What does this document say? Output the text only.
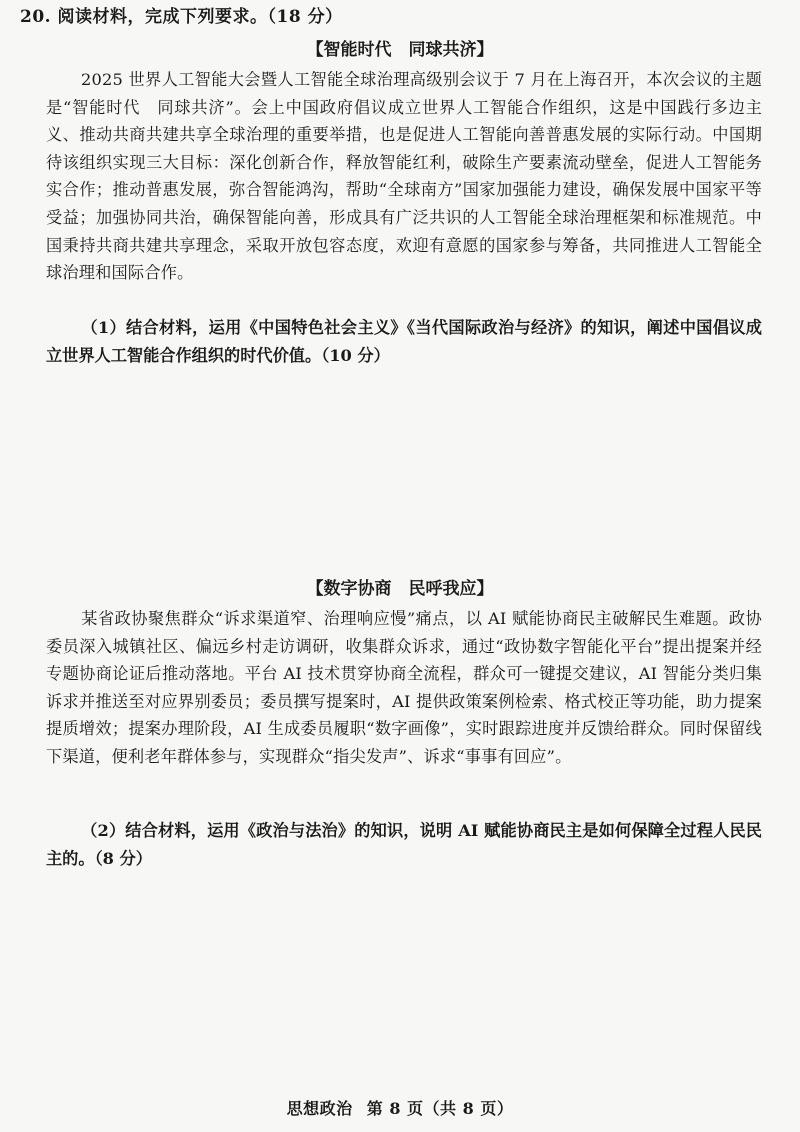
20. 阅读材料，完成下列要求。（18 分）
【智能时代　同球共济】
2025 世界人工智能大会暨人工智能全球治理高级别会议于 7 月在上海召开，本次会议的主题是“智能时代　同球共济”。会上中国政府倡议成立世界人工智能合作组织，这是中国践行多边主义、推动共商共建共享全球治理的重要举措，也是促进人工智能向善普惠发展的实际行动。中国期待该组织实现三大目标：深化创新合作，释放智能红利，破除生产要素流动壁垒，促进人工智能务实合作；推动普惠发展，弥合智能鸿沟，帮助“全球南方”国家加强能力建设，确保发展中国家平等受益；加强协同共治，确保智能向善，形成具有广泛共识的人工智能全球治理框架和标准规范。中国秉持共商共建共享理念，采取开放包容态度，欢迎有意愿的国家参与筹备，共同推进人工智能全球治理和国际合作。
（1）结合材料，运用《中国特色社会主义》《当代国际政治与经济》的知识，阐述中国倡议成立世界人工智能合作组织的时代价值。（10 分）
【数字协商　民呼我应】
某省政协聚焦群众“诉求渠道窄、治理响应慢”痛点，以 AI 赋能协商民主破解民生难题。政协委员深入城镇社区、偏远乡村走访调研，收集群众诉求，通过“政协数字智能化平台”提出提案并经专题协商论证后推动落地。平台 AI 技术贯穿协商全流程，群众可一键提交建议，AI 智能分类归集诉求并推送至对应界别委员；委员撰写提案时，AI 提供政策案例检索、格式校正等功能，助力提案提质增效；提案办理阶段，AI 生成委员履职“数字画像”，实时跟踪进度并反馈给群众。同时保留线下渠道，便利老年群体参与，实现群众“指尖发声”、诉求“事事有回应”。
（2）结合材料，运用《政治与法治》的知识，说明 AI 赋能协商民主是如何保障全过程人民民主的。（8 分）
思想政治 第 8 页（共 8 页）
